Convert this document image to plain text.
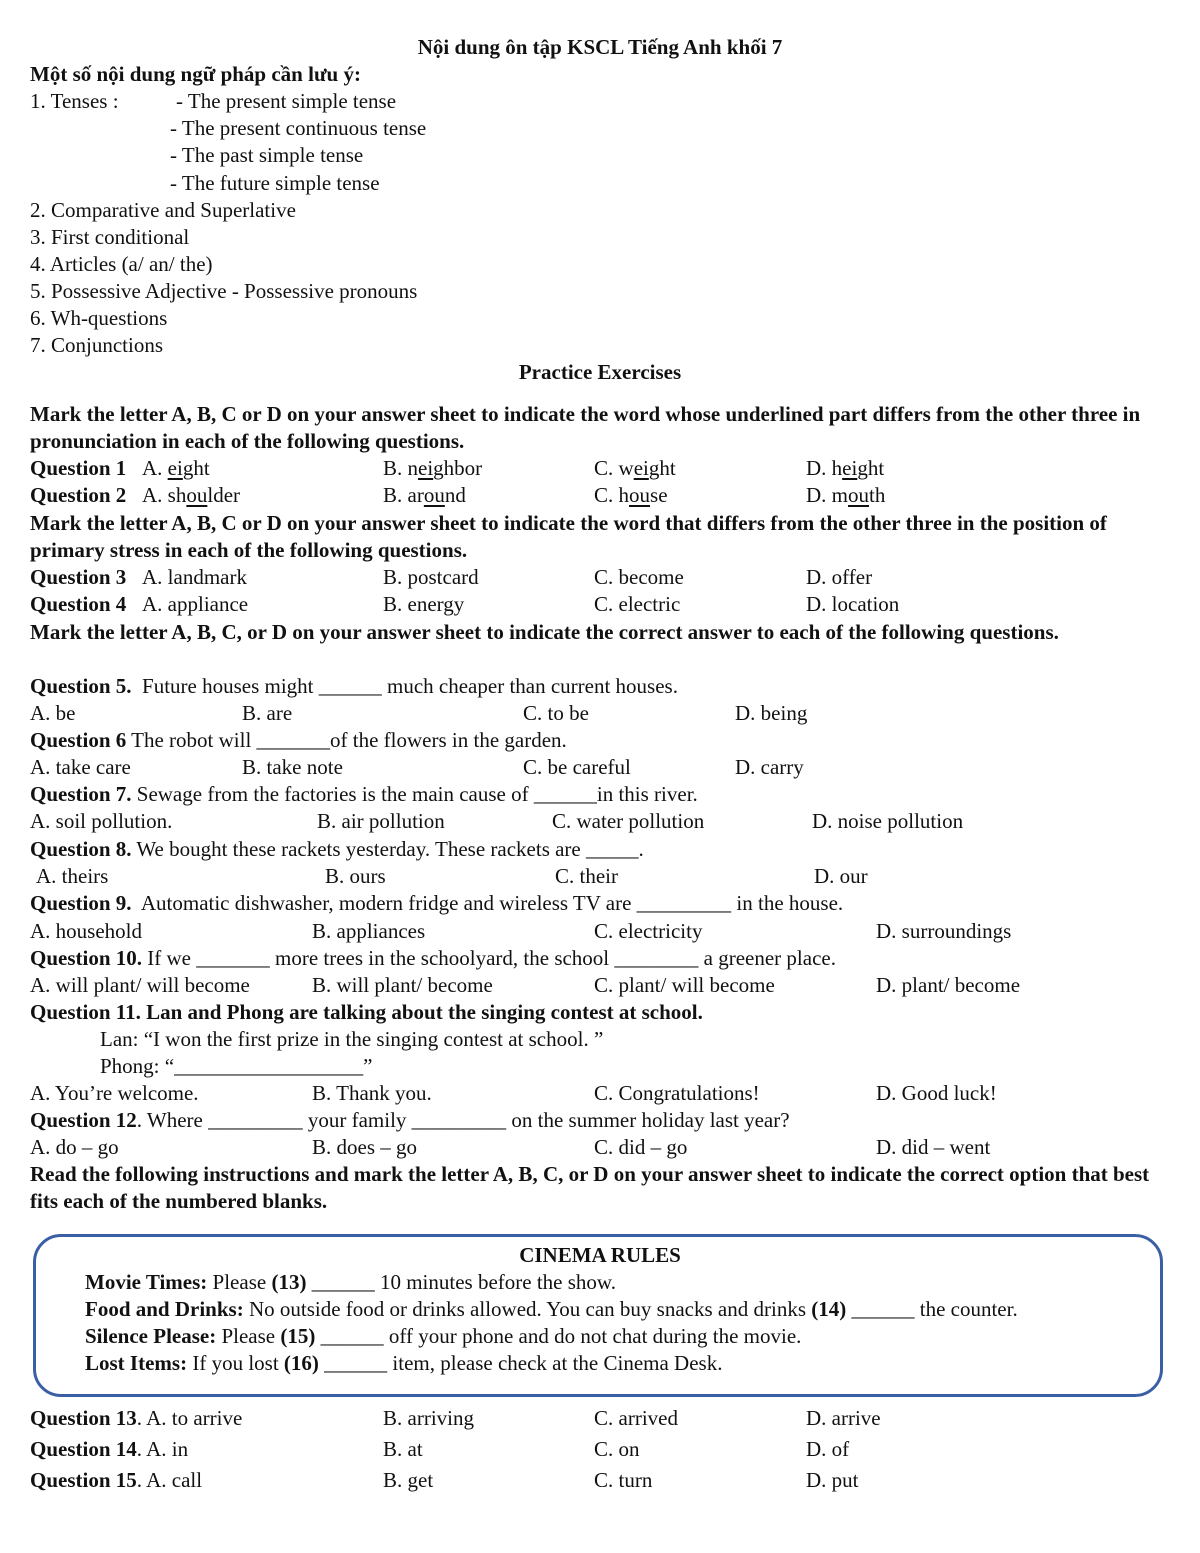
Nội dung ôn tập KSCL Tiếng Anh khối 7
Một số nội dung ngữ pháp cần lưu ý:
1. Tenses :	- The present simple tense
- The present continuous tense
- The past simple tense
- The future simple tense
2. Comparative and Superlative
3. First conditional
4. Articles (a/ an/ the)
5. Possessive Adjective - Possessive pronouns
6. Wh-questions
7. Conjunctions
Practice Exercises
Mark the letter A, B, C or D on your answer sheet to indicate the word whose underlined part differs from the other three in pronunciation in each of the following questions.
Question 1 A. eight	B. neighbor	C. weight	D. height
Question 2 A. shoulder	B. around	C. house	D. mouth
Mark the letter A, B, C or D on your answer sheet to indicate the word that differs from the other three in the position of primary stress in each of the following questions.
Question 3 A. landmark	B. postcard	C. become	D. offer
Question 4 A. appliance	B. energy	C. electric	D. location
Mark the letter A, B, C, or D on your answer sheet to indicate the correct answer to each of the following questions.
Question 5.  Future houses might ______ much cheaper than current houses.
A. be	B. are	C. to be	D. being
Question 6 The robot will _______of the flowers in the garden.
A. take care	B. take note	C. be careful	D. carry
Question 7. Sewage from the factories is the main cause of ______in this river.
A. soil pollution.	B. air pollution	C. water pollution	D. noise pollution
Question 8. We bought these rackets yesterday. These rackets are _____.
A. theirs	B. ours	C. their	D. our
Question 9.  Automatic dishwasher, modern fridge and wireless TV are _________ in the house.
A. household	B. appliances	C. electricity	D. surroundings
Question 10. If we _______ more trees in the schoolyard, the school ________ a greener place.
A. will plant/ will become	B. will plant/ become	C. plant/ will become	D. plant/ become
Question 11. Lan and Phong are talking about the singing contest at school.
Lan: “I won the first prize in the singing contest at school. ”
Phong: “__________________”
A. You’re welcome.	B. Thank you.	C. Congratulations!	D. Good luck!
Question 12. Where _________ your family _________ on the summer holiday last year?
A. do – go	B. does – go	C. did – go	D. did – went
Read the following instructions and mark the letter A, B, C, or D on your answer sheet to indicate the correct option that best fits each of the numbered blanks.
CINEMA RULES
Movie Times: Please (13) ______ 10 minutes before the show.
Food and Drinks: No outside food or drinks allowed. You can buy snacks and drinks (14) ______ the counter.
Silence Please: Please (15) ______ off your phone and do not chat during the movie.
Lost Items: If you lost (16) ______ item, please check at the Cinema Desk.
Question 13. A. to arrive	B. arriving	C. arrived	D. arrive
Question 14. A. in	B. at	C. on	D. of
Question 15. A. call	B. get	C. turn	D. put
